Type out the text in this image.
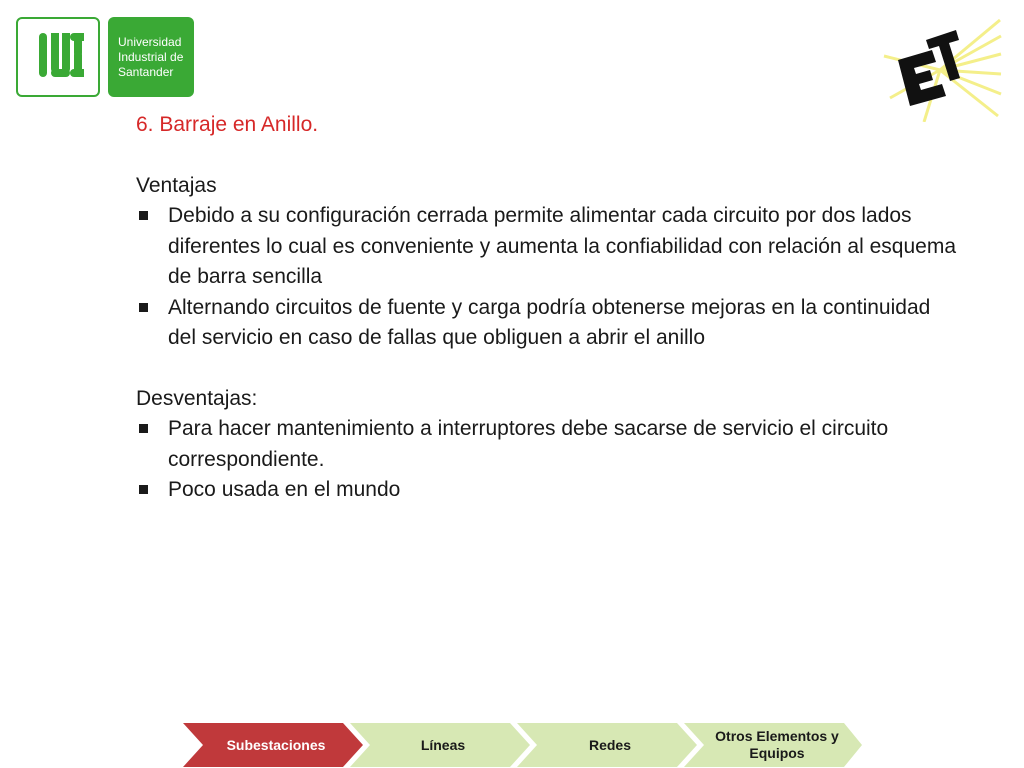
Universidad
Industrial de
Santander
6. Barraje en Anillo.
Ventajas
Debido a su configuración cerrada permite alimentar cada circuito por dos lados diferentes lo cual es conveniente y aumenta la confiabilidad con relación al esquema de barra sencilla
Alternando circuitos de fuente y carga podría obtenerse mejoras en la continuidad del servicio en caso de fallas que obliguen a abrir el anillo
Desventajas:
Para hacer mantenimiento a interruptores debe sacarse de servicio el circuito correspondiente.
Poco usada en el mundo
Subestaciones	Líneas	Redes
Otros Elementos y Equipos
